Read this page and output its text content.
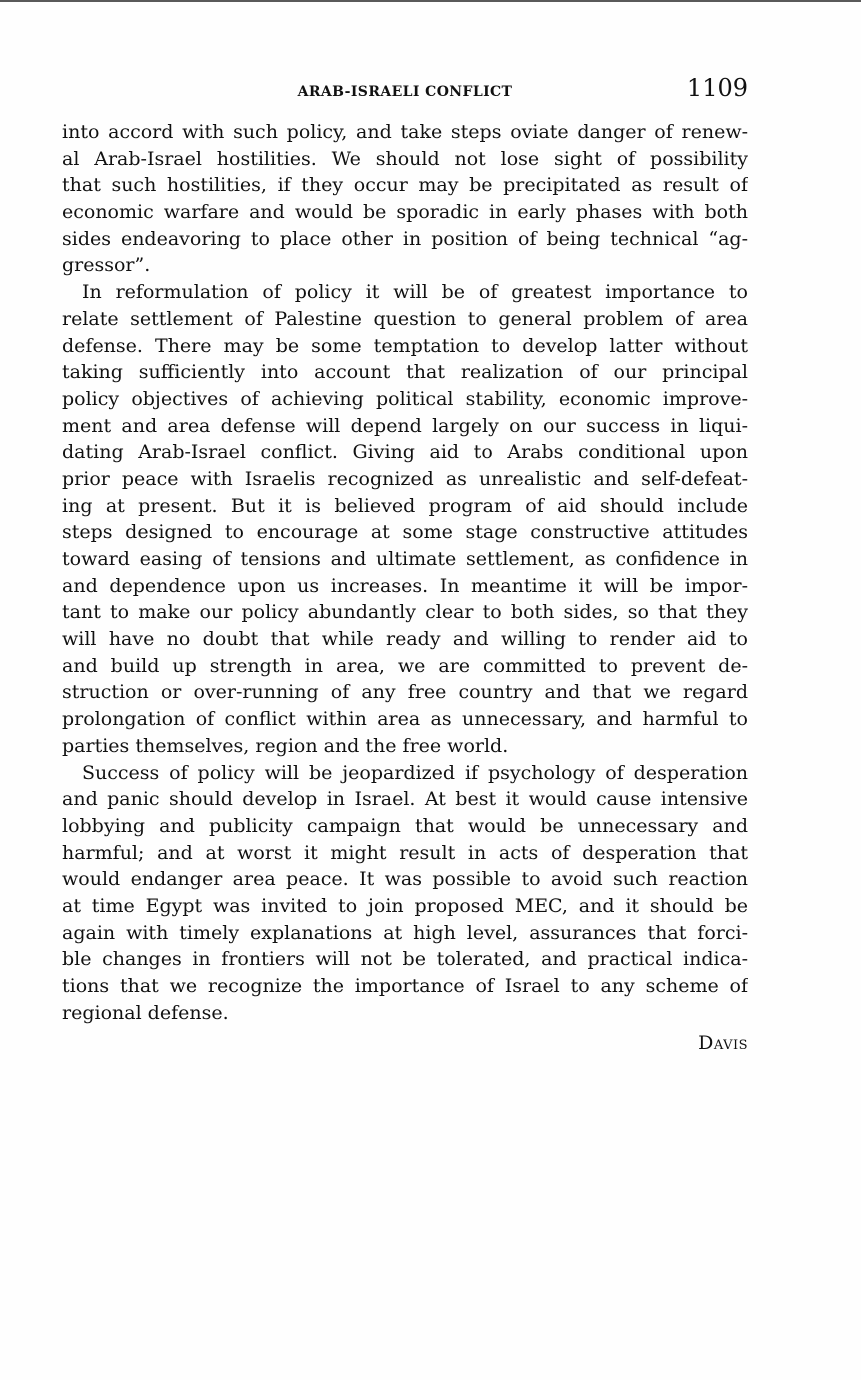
ARAB-ISRAELI CONFLICT	1109
into accord with such policy, and take steps oviate danger of renew-
al Arab-Israel hostilities. We should not lose sight of possibility
that such hostilities, if they occur may be precipitated as result of
economic warfare and would be sporadic in early phases with both
sides endeavoring to place other in position of being technical “ag-
gressor”.
In reformulation of policy it will be of greatest importance to
relate settlement of Palestine question to general problem of area
defense. There may be some temptation to develop latter without
taking sufficiently into account that realization of our principal
policy objectives of achieving political stability, economic improve-
ment and area defense will depend largely on our success in liqui-
dating Arab-Israel conflict. Giving aid to Arabs conditional upon
prior peace with Israelis recognized as unrealistic and self-defeat-
ing at present. But it is believed program of aid should include
steps designed to encourage at some stage constructive attitudes
toward easing of tensions and ultimate settlement, as confidence in
and dependence upon us increases. In meantime it will be impor-
tant to make our policy abundantly clear to both sides, so that they
will have no doubt that while ready and willing to render aid to
and build up strength in area, we are committed to prevent de-
struction or over-running of any free country and that we regard
prolongation of conflict within area as unnecessary, and harmful to
parties themselves, region and the free world.
Success of policy will be jeopardized if psychology of desperation
and panic should develop in Israel. At best it would cause intensive
lobbying and publicity campaign that would be unnecessary and
harmful; and at worst it might result in acts of desperation that
would endanger area peace. It was possible to avoid such reaction
at time Egypt was invited to join proposed MEC, and it should be
again with timely explanations at high level, assurances that forci-
ble changes in frontiers will not be tolerated, and practical indica-
tions that we recognize the importance of Israel to any scheme of
regional defense.
Davis
